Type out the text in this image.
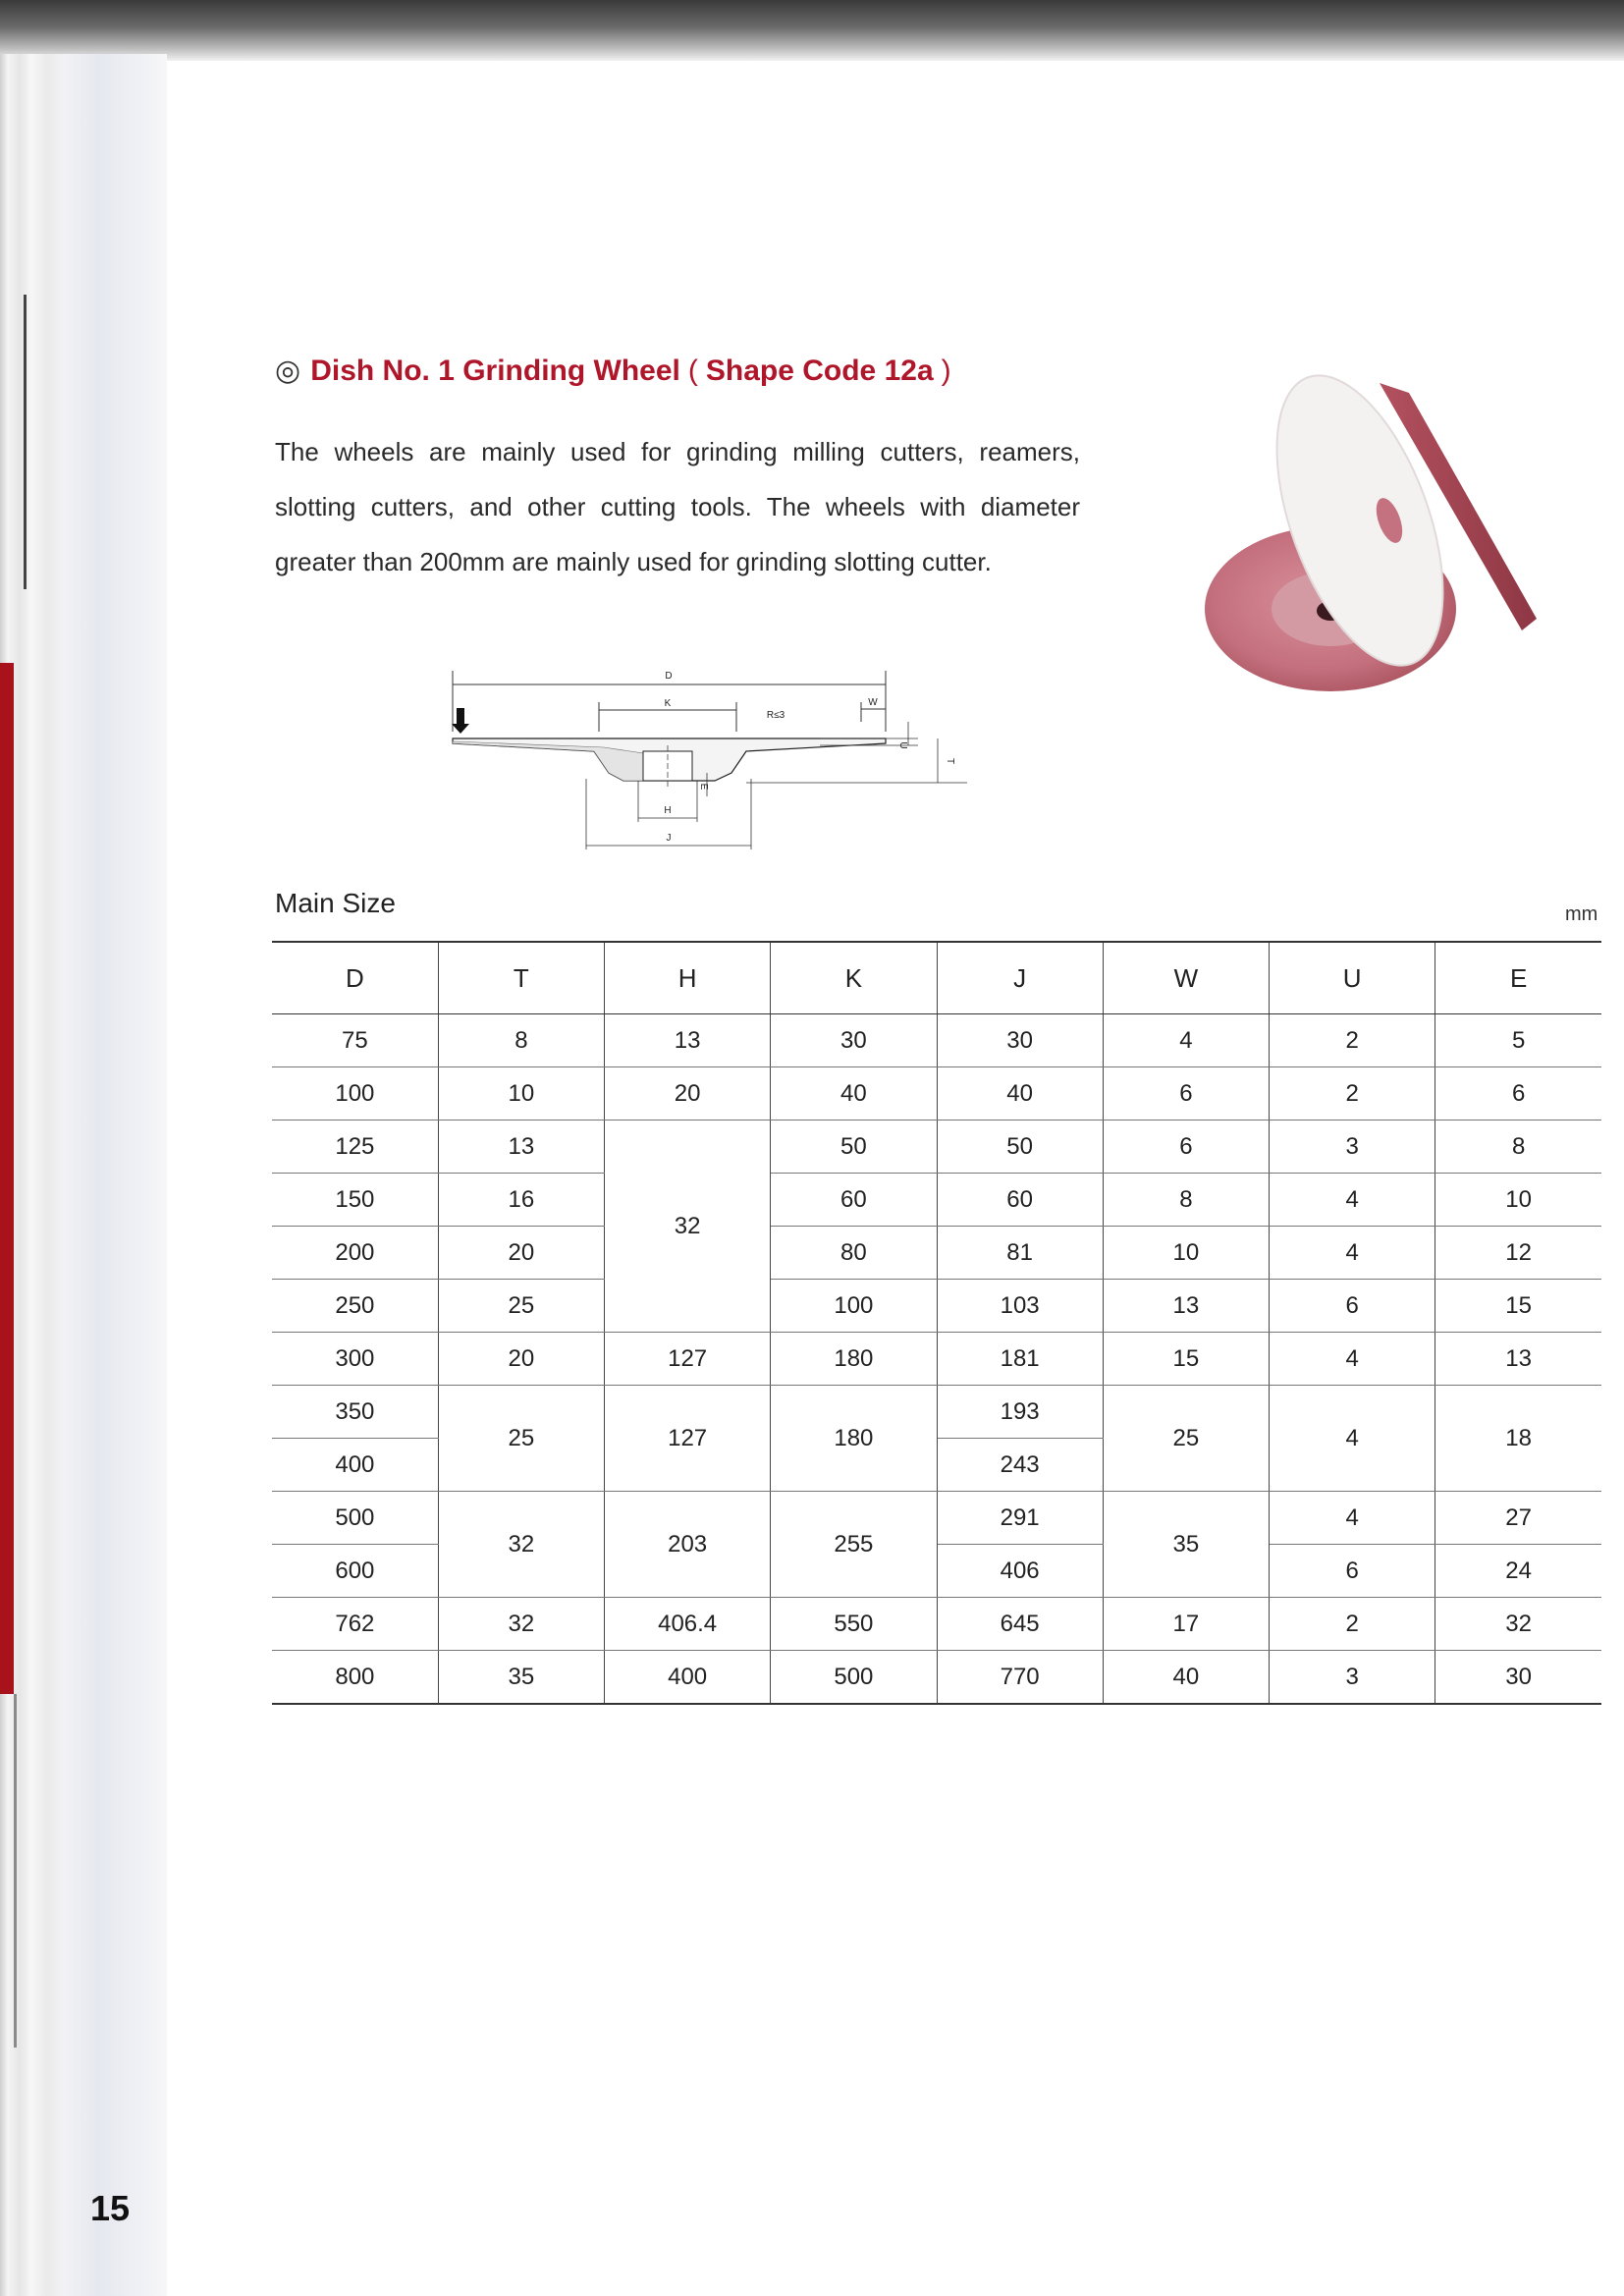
◎ Dish No. 1 Grinding Wheel ( Shape Code 12a )
The wheels are mainly used for grinding milling cutters, reamers, slotting cutters, and other cutting tools. The wheels with diameter greater than 200mm are mainly used for grinding slotting cutter.
D
K
R≤3
W
U
T
E
H
J
Main Size	mm
D	T	H	K	J	W	U	E
75	8	13	30	30	4	2	5
100	10	20	40	40	6	2	6
125	13	32	50	50	6	3	8
150	16		60	60	8	4	10
200	20		80	81	10	4	12
250	25		100	103	13	6	15
300	20	127	180	181	15	4	13
350	25	127	180	193	25	4	18
400				243			
500	32	203	255	291	35	4	27
600				406		6	24
762	32	406.4	550	645	17	2	32
800	35	400	500	770	40	3	30
15
